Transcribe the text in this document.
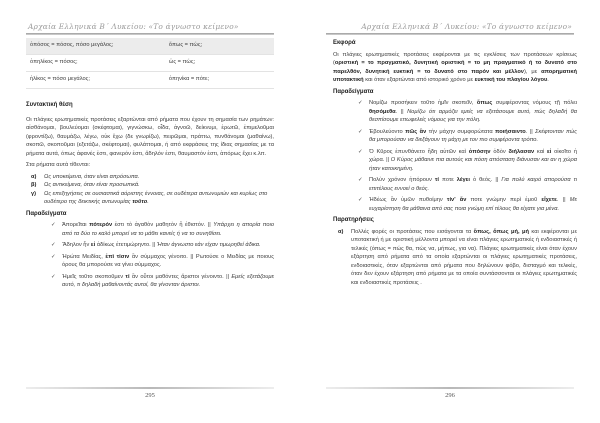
Αρχαία Ελληνικά Β΄ Λυκείου: «Το άγνωστο κείμενο»
ὁπόσος = πόσος, πόσο μεγάλος;	ὅπως = πώς;
ὁπηλίκος = πόσος;	ὡς = πώς;
ἡλίκος = πόσο μεγάλος;	ὁπηνίκα = πότε;
Συντακτική θέση

Οι πλάγιες ερωτηματικές προτάσεις εξαρτώνται από ρήματα που έχουν τη σημασία των ρημάτων: αἰσθάνομαι, βουλεύομαι (σκέφτομαι), γιγνώσκω, οἶδα, ἀγνοῶ, δείκνυμι, ἐρωτῶ, ἐπιμελοῦμαι (φροντίζω), θαυμάζω, λέγω, οὐκ ἔχω (δε γνωρίζω), πειρῶμαι, πράττω, πυνθάνομαι (μαθαίνω), σκοπῶ, σκοποῦμαι (εξετάζω, σκέφτομαι), φυλάττομαι, ή από εκφράσεις της ίδιας σημασίας με τα ρήματα αυτά, όπως ἀφανές ἐστι, φανερόν ἐστι, ἄδηλόν ἐστι, θαυμαστόν ἐστι, ἀπόρως ἔχει κ.λπ.

Στα ρήματα αυτά τίθενται:

α) Ως υποκείμενα, όταν είναι απρόσωπα.
β) Ως αντικείμενα, όταν είναι προσωπικά.
γ) Ως επεξηγήσεις σε ουσιαστικά αόριστης έννοιας, σε ουδέτερα αντωνυμιών και κυρίως στο ουδέτερο της δεικτικής αντωνυμίας τοῦτο.
Παραδείγματα
✓ Ἀπορεῖται πότερόν ἐστι τὸ ἀγαθὸν μαθητὸν ἢ ἐθιστόν. || Υπάρχει η απορία ποιο από τα δύο το καλό μπορεί να το μάθει κανείς ή να το συνηθίσει.
✓ Ἄδηλον ἦν εἰ ἀδίκως ἐτετιμώρηντο. || Ήταν άγνωστο εάν είχαν τιμωρηθεί άδικα.
✓ Ἠρώτα Μειδίας, ἐπὶ τίσιν ἂν σύμμαχος γένοιτο. || Ρωτούσε ο Μειδίας με ποιους όρους θα μπορούσε να γίνει σύμμαχος.
✓ Ἡμεῖς τοῦτο σκοποῦμεν τί ἂν οὗτοι μαθόντες ἄριστοι γένοιντο. || Εμείς εξετάζουμε αυτό, τι δηλαδή μαθαίνοντάς αυτοί, θα γίνονταν άριστοι.
295
Αρχαία Ελληνικά Β΄ Λυκείου: «Το άγνωστο κείμενο»
Εκφορά

Οι πλάγιες ερωτηματικές προτάσεις εκφέρονται με τις εγκλίσεις των προτάσεων κρίσεως (οριστική = το πραγματικό, δυνητική οριστική = το μη πραγματικό ή το δυνατό στο παρελθόν, δυνητική ευκτική = το δυνατό στο παρόν και μέλλον), με απορηματική υποτακτική και όταν εξαρτώνται από ιστορικό χρόνο με ευκτική του πλαγίου λόγου.

Παραδείγματα
✓ Νομίζω προσήκειν τοῦτο ἡμῖν σκοπεῖν, ὅπως συμφέροντας νόμους τῇ πόλει θησόμεθα. || Νομίζω ότι αρμόζει εμείς να εξετάσουμε αυτό, πώς δηλαδή θα θεσπίσουμε επωφελείς νόμους για την πόλη.
✓ Ἐβουλεύοντο πῶς ἂν τὴν μάχην συμφορώτατα ποιήσαιντο. || Σκέφτονταν πώς θα μπορούσαν να διεξάγουν τη μάχη με τον πιο συμφέροντα τρόπο.
✓ Ὁ Κῦρος ἐπυνθάνετο ἤδη αὐτῶν καὶ ὁπόσην ὁδὸν διήλασαν καὶ εἰ οἰκοῖτο ἡ χώρα. || Ο Κύρος μάθαινε πια αυτούς και πόση απόσταση διάνυσαν και αν η χώρα ήταν κατοικημένη.
✓ Πολὺν χρόνον ἠπόρουν τί ποτε λέγει ὁ θεός. || Για πολύ καιρό απορούσα τι επιτέλους εννοεί ο θεός.
✓ Ἡδέως ἂν ὑμῶν πυθοίμην τίν' ἄν ποτε γνώμην περὶ ἐμοῦ εἴχετε. || Με ευχαρίστηση θα μάθαινα από σας ποια γνώμη επί τέλους θα είχατε για μένα.
Παρατηρήσεις
α) Πολλές φορές οι προτάσεις που εισάγονται τα ὅπως, ὅπως μή, μή και εκφέρονται με υποτακτική ή με οριστική μέλλοντα μπορεί να είναι πλάγιες ερωτηματικές ή ενδοιαστικές ή τελικές (όπως = πώς θα, πώς να, μήπως, για να). Πλάγιες ερωτηματικές είναι όταν έχουν εξάρτηση από ρήματα από τα οποία εξαρτώνται οι πλάγιες ερωτηματικές προτάσεις, ενδοιαστικές, όταν εξαρτώνται από ρήματα που δηλώνουν φόβο, δισταγμό και τελικές, όταν δεν έχουν εξάρτηση από ρήματα με τα οποία συντάσσονται οι πλάγιες ερωτηματικές και ενδοιαστικές προτάσεις .
296
